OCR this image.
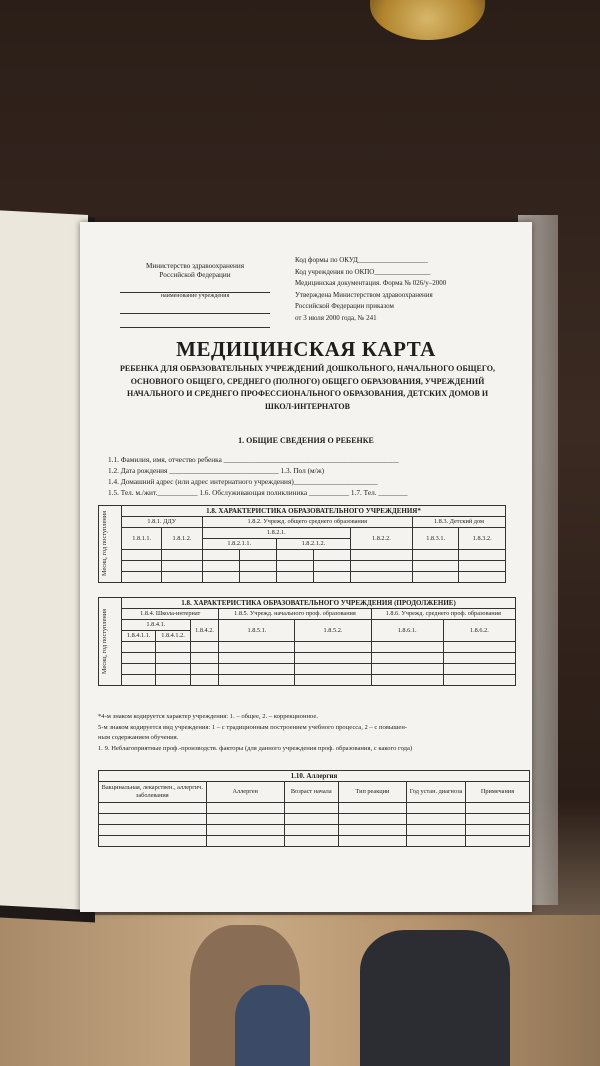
Министерство здравоохранения
Российской Федерации
наименование учреждения
Код формы по ОКУД____________________
Код учреждения по ОКПО________________
Медицинская документация. Форма № 026/у–2000
Утверждена Министерством здравоохранения
Российской Федерации приказом
от 3 июля 2000 года, № 241
МЕДИЦИНСКАЯ КАРТА
РЕБЕНКА ДЛЯ ОБРАЗОВАТЕЛЬНЫХ УЧРЕЖДЕНИЙ ДОШКОЛЬНОГО, НАЧАЛЬНОГО ОБЩЕГО, ОСНОВНОГО ОБЩЕГО, СРЕДНЕГО (ПОЛНОГО) ОБЩЕГО ОБРАЗОВАНИЯ, УЧРЕЖДЕНИЙ НАЧАЛЬНОГО И СРЕДНЕГО ПРОФЕССИОНАЛЬНОГО ОБРАЗОВАНИЯ, ДЕТСКИХ ДОМОВ И ШКОЛ-ИНТЕРНАТОВ
1. ОБЩИЕ СВЕДЕНИЯ О РЕБЕНКЕ
1.1. Фамилия, имя, отчество ребенка ________________________________________________
1.2. Дата рождения ______________________________ 1.3. Пол (м/ж)
1.4. Домашний адрес (или адрес интернатного учреждения)_______________________
1.5. Тел. м./жит.___________ 1.6. Обслуживающая поликлиника ___________ 1.7. Тел. ________
Месяц, год поступления	1.8. ХАРАКТЕРИСТИКА ОБРАЗОВАТЕЛЬНОГО УЧРЕЖДЕНИЯ*								
	1.8.1. ДДУ		1.8.2. Учрежд. общего среднего образования					1.8.3. Детский дом	
	1.8.1.1.	1.8.1.2.	1.8.2.1.				1.8.2.2.	1.8.3.1.	1.8.3.2.
			1.8.2.1.1.		1.8.2.1.2.				

Месяц, год поступления	1.8. ХАРАКТЕРИСТИКА ОБРАЗОВАТЕЛЬНОГО УЧРЕЖДЕНИЯ (ПРОДОЛЖЕНИЕ)						
	1.8.4. Школа-интернат			1.8.5. Учрежд. начального проф. образования		1.8.6. Учрежд. среднего проф. образования	
	1.8.4.1.		1.8.4.2.	1.8.5.1.	1.8.5.2.	1.8.6.1.	1.8.6.2.
	1.8.4.1.1.	1.8.4.1.2.					

*4-м знаком кодируется характер учреждения: 1. – общее, 2. – коррекционное.
5-м знаком кодируется вид учреждения: 1 – с традиционным построением учебного процесса, 2 – с повышен-
ным содержанием обучения.
1. 9. Неблагоприятные проф.-производств. факторы (для данного учреждения проф. образования, с какого года)
1.10. Аллергия					
Вакцинальная, лекарствен., аллергич. заболевания	Аллерген	Возраст начала	Тип реакции	Год устан. диагноза	Примечания
